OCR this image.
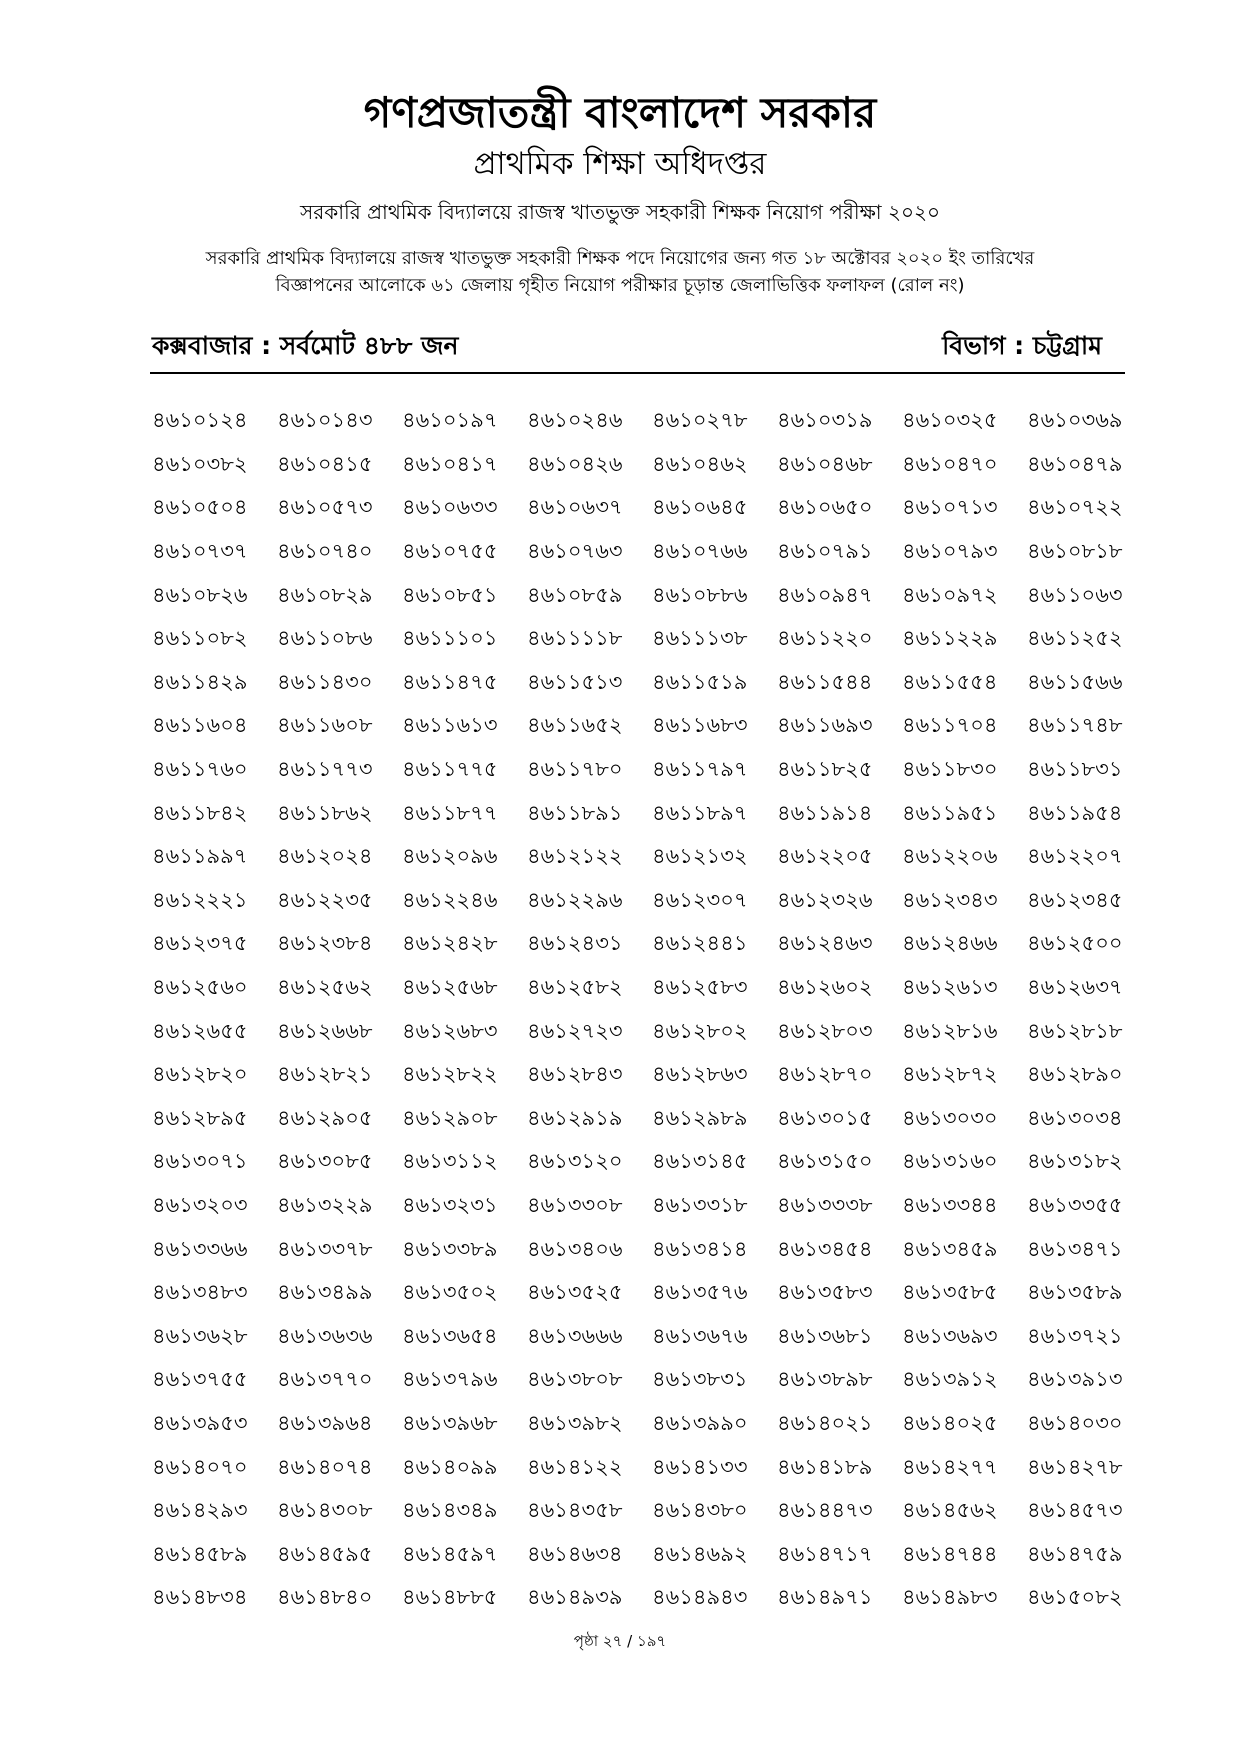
গণপ্রজাতন্ত্রী বাংলাদেশ সরকার
প্রাথমিক শিক্ষা অধিদপ্তর
সরকারি প্রাথমিক বিদ্যালয়ে রাজস্ব খাতভুক্ত সহকারী শিক্ষক নিয়োগ পরীক্ষা ২০২০
সরকারি প্রাথমিক বিদ্যালয়ে রাজস্ব খাতভুক্ত সহকারী শিক্ষক পদে নিয়োগের জন্য গত ১৮ অক্টোবর ২০২০ ইং তারিখের
বিজ্ঞাপনের আলোকে ৬১ জেলায় গৃহীত নিয়োগ পরীক্ষার চূড়ান্ত জেলাভিত্তিক ফলাফল (রোল নং)
কক্সবাজার : সর্বমোট ৪৮৮ জন	বিভাগ : চট্টগ্রাম
৪৬১০১২৪	৪৬১০১৪৩	৪৬১০১৯৭	৪৬১০২৪৬	৪৬১০২৭৮	৪৬১০৩১৯	৪৬১০৩২৫	৪৬১০৩৬৯
৪৬১০৩৮২	৪৬১০৪১৫	৪৬১০৪১৭	৪৬১০৪২৬	৪৬১০৪৬২	৪৬১০৪৬৮	৪৬১০৪৭০	৪৬১০৪৭৯
৪৬১০৫০৪	৪৬১০৫৭৩	৪৬১০৬৩৩	৪৬১০৬৩৭	৪৬১০৬৪৫	৪৬১০৬৫০	৪৬১০৭১৩	৪৬১০৭২২
৪৬১০৭৩৭	৪৬১০৭৪০	৪৬১০৭৫৫	৪৬১০৭৬৩	৪৬১০৭৬৬	৪৬১০৭৯১	৪৬১০৭৯৩	৪৬১০৮১৮
৪৬১০৮২৬	৪৬১০৮২৯	৪৬১০৮৫১	৪৬১০৮৫৯	৪৬১০৮৮৬	৪৬১০৯৪৭	৪৬১০৯৭২	৪৬১১০৬৩
৪৬১১০৮২	৪৬১১০৮৬	৪৬১১১০১	৪৬১১১১৮	৪৬১১১৩৮	৪৬১১২২০	৪৬১১২২৯	৪৬১১২৫২
৪৬১১৪২৯	৪৬১১৪৩০	৪৬১১৪৭৫	৪৬১১৫১৩	৪৬১১৫১৯	৪৬১১৫৪৪	৪৬১১৫৫৪	৪৬১১৫৬৬
৪৬১১৬০৪	৪৬১১৬০৮	৪৬১১৬১৩	৪৬১১৬৫২	৪৬১১৬৮৩	৪৬১১৬৯৩	৪৬১১৭০৪	৪৬১১৭৪৮
৪৬১১৭৬০	৪৬১১৭৭৩	৪৬১১৭৭৫	৪৬১১৭৮০	৪৬১১৭৯৭	৪৬১১৮২৫	৪৬১১৮৩০	৪৬১১৮৩১
৪৬১১৮৪২	৪৬১১৮৬২	৪৬১১৮৭৭	৪৬১১৮৯১	৪৬১১৮৯৭	৪৬১১৯১৪	৪৬১১৯৫১	৪৬১১৯৫৪
৪৬১১৯৯৭	৪৬১২০২৪	৪৬১২০৯৬	৪৬১২১২২	৪৬১২১৩২	৪৬১২২০৫	৪৬১২২০৬	৪৬১২২০৭
৪৬১২২২১	৪৬১২২৩৫	৪৬১২২৪৬	৪৬১২২৯৬	৪৬১২৩০৭	৪৬১২৩২৬	৪৬১২৩৪৩	৪৬১২৩৪৫
৪৬১২৩৭৫	৪৬১২৩৮৪	৪৬১২৪২৮	৪৬১২৪৩১	৪৬১২৪৪১	৪৬১২৪৬৩	৪৬১২৪৬৬	৪৬১২৫০০
৪৬১২৫৬০	৪৬১২৫৬২	৪৬১২৫৬৮	৪৬১২৫৮২	৪৬১২৫৮৩	৪৬১২৬০২	৪৬১২৬১৩	৪৬১২৬৩৭
৪৬১২৬৫৫	৪৬১২৬৬৮	৪৬১২৬৮৩	৪৬১২৭২৩	৪৬১২৮০২	৪৬১২৮০৩	৪৬১২৮১৬	৪৬১২৮১৮
৪৬১২৮২০	৪৬১২৮২১	৪৬১২৮২২	৪৬১২৮৪৩	৪৬১২৮৬৩	৪৬১২৮৭০	৪৬১২৮৭২	৪৬১২৮৯০
৪৬১২৮৯৫	৪৬১২৯০৫	৪৬১২৯০৮	৪৬১২৯১৯	৪৬১২৯৮৯	৪৬১৩০১৫	৪৬১৩০৩০	৪৬১৩০৩৪
৪৬১৩০৭১	৪৬১৩০৮৫	৪৬১৩১১২	৪৬১৩১২০	৪৬১৩১৪৫	৪৬১৩১৫০	৪৬১৩১৬০	৪৬১৩১৮২
৪৬১৩২০৩	৪৬১৩২২৯	৪৬১৩২৩১	৪৬১৩৩০৮	৪৬১৩৩১৮	৪৬১৩৩৩৮	৪৬১৩৩৪৪	৪৬১৩৩৫৫
৪৬১৩৩৬৬	৪৬১৩৩৭৮	৪৬১৩৩৮৯	৪৬১৩৪০৬	৪৬১৩৪১৪	৪৬১৩৪৫৪	৪৬১৩৪৫৯	৪৬১৩৪৭১
৪৬১৩৪৮৩	৪৬১৩৪৯৯	৪৬১৩৫০২	৪৬১৩৫২৫	৪৬১৩৫৭৬	৪৬১৩৫৮৩	৪৬১৩৫৮৫	৪৬১৩৫৮৯
৪৬১৩৬২৮	৪৬১৩৬৩৬	৪৬১৩৬৫৪	৪৬১৩৬৬৬	৪৬১৩৬৭৬	৪৬১৩৬৮১	৪৬১৩৬৯৩	৪৬১৩৭২১
৪৬১৩৭৫৫	৪৬১৩৭৭০	৪৬১৩৭৯৬	৪৬১৩৮০৮	৪৬১৩৮৩১	৪৬১৩৮৯৮	৪৬১৩৯১২	৪৬১৩৯১৩
৪৬১৩৯৫৩	৪৬১৩৯৬৪	৪৬১৩৯৬৮	৪৬১৩৯৮২	৪৬১৩৯৯০	৪৬১৪০২১	৪৬১৪০২৫	৪৬১৪০৩০
৪৬১৪০৭০	৪৬১৪০৭৪	৪৬১৪০৯৯	৪৬১৪১২২	৪৬১৪১৩৩	৪৬১৪১৮৯	৪৬১৪২৭৭	৪৬১৪২৭৮
৪৬১৪২৯৩	৪৬১৪৩০৮	৪৬১৪৩৪৯	৪৬১৪৩৫৮	৪৬১৪৩৮০	৪৬১৪৪৭৩	৪৬১৪৫৬২	৪৬১৪৫৭৩
৪৬১৪৫৮৯	৪৬১৪৫৯৫	৪৬১৪৫৯৭	৪৬১৪৬৩৪	৪৬১৪৬৯২	৪৬১৪৭১৭	৪৬১৪৭৪৪	৪৬১৪৭৫৯
৪৬১৪৮৩৪	৪৬১৪৮৪০	৪৬১৪৮৮৫	৪৬১৪৯৩৯	৪৬১৪৯৪৩	৪৬১৪৯৭১	৪৬১৪৯৮৩	৪৬১৫০৮২
পৃষ্ঠা ২৭ / ১৯৭
